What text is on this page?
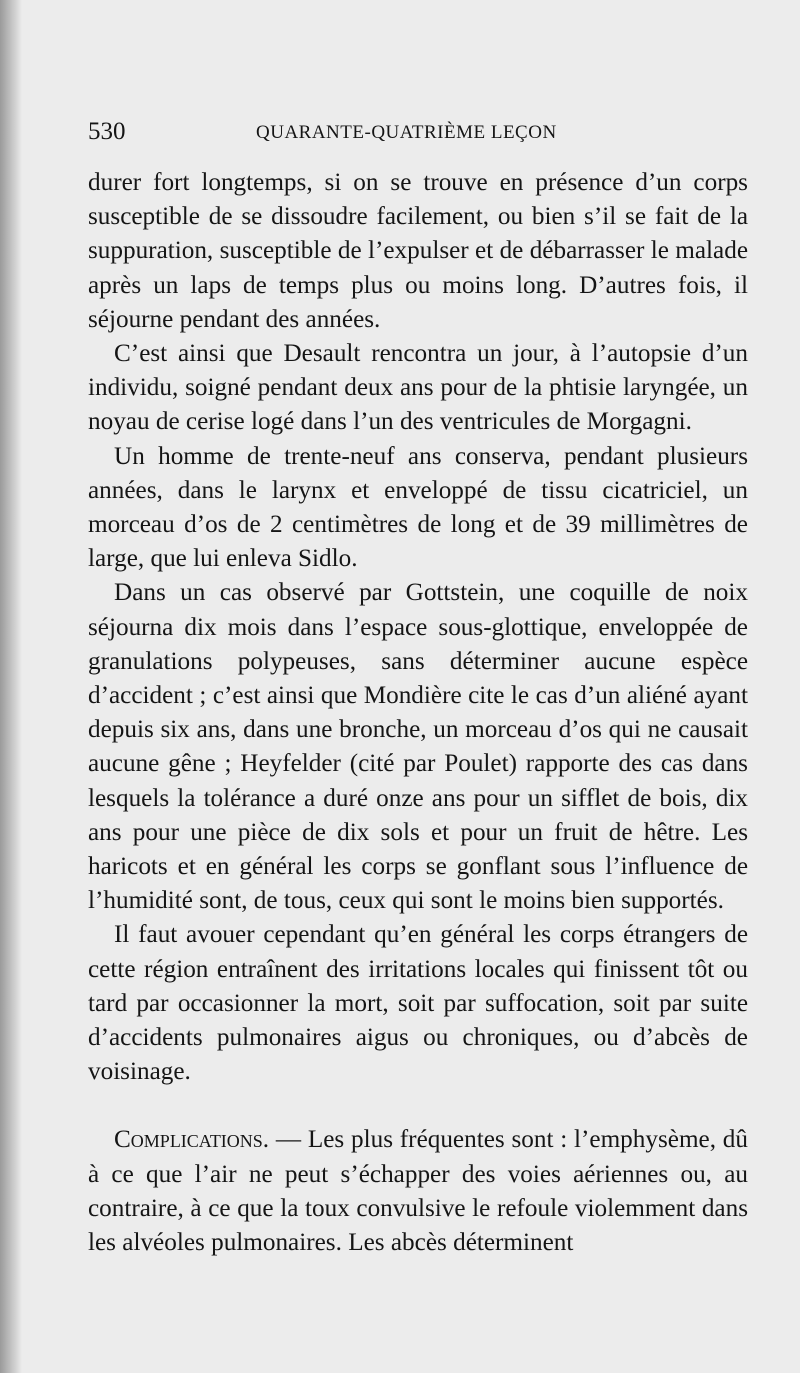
530	QUARANTE-QUATRIÈME LEÇON

durer fort longtemps, si on se trouve en présence d’un corps susceptible de se dissoudre facilement, ou bien s’il se fait de la suppuration, susceptible de l’expulser et de débarrasser le malade après un laps de temps plus ou moins long. D’autres fois, il séjourne pendant des années.

C’est ainsi que Desault rencontra un jour, à l’autopsie d’un individu, soigné pendant deux ans pour de la phtisie laryngée, un noyau de cerise logé dans l’un des ventricules de Morgagni.

Un homme de trente-neuf ans conserva, pendant plusieurs années, dans le larynx et enveloppé de tissu cicatriciel, un morceau d’os de 2 centimètres de long et de 39 millimètres de large, que lui enleva Sidlo.

Dans un cas observé par Gottstein, une coquille de noix séjourna dix mois dans l’espace sous-glottique, enveloppée de granulations polypeuses, sans déterminer aucune espèce d’accident ; c’est ainsi que Mondière cite le cas d’un aliéné ayant depuis six ans, dans une bronche, un morceau d’os qui ne causait aucune gêne ; Heyfelder (cité par Poulet) rapporte des cas dans lesquels la tolérance a duré onze ans pour un sifflet de bois, dix ans pour une pièce de dix sols et pour un fruit de hêtre. Les haricots et en général les corps se gonflant sous l’influence de l’humidité sont, de tous, ceux qui sont le moins bien supportés.

Il faut avouer cependant qu’en général les corps étrangers de cette région entraînent des irritations locales qui finissent tôt ou tard par occasionner la mort, soit par suffocation, soit par suite d’accidents pulmonaires aigus ou chroniques, ou d’abcès de voisinage.

Complications. — Les plus fréquentes sont : l’emphysème, dû à ce que l’air ne peut s’échapper des voies aériennes ou, au contraire, à ce que la toux convulsive le refoule violemment dans les alvéoles pulmonaires. Les abcès déterminent
